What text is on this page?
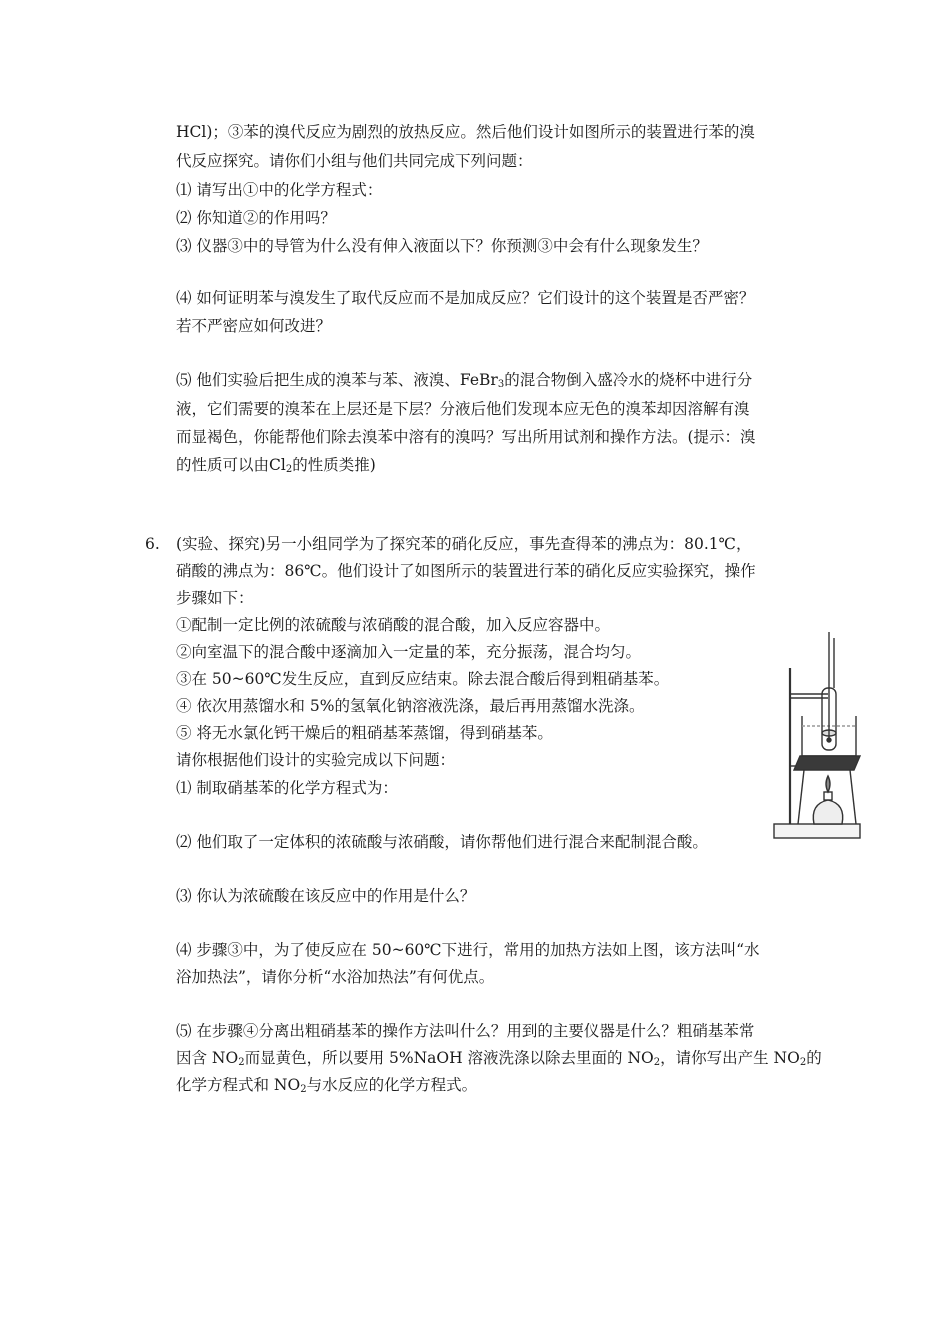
HCl)；③苯的溴代反应为剧烈的放热反应。然后他们设计如图所示的装置进行苯的溴

代反应探究。请你们小组与他们共同完成下列问题：

⑴ 请写出①中的化学方程式：

⑵ 你知道②的作用吗？

⑶ 仪器③中的导管为什么没有伸入液面以下？你预测③中会有什么现象发生？

⑷ 如何证明苯与溴发生了取代反应而不是加成反应？它们设计的这个装置是否严密？

若不严密应如何改进？

⑸ 他们实验后把生成的溴苯与苯、液溴、FeBr$_3$的混合物倒入盛冷水的烧杯中进行分

液，它们需要的溴苯在上层还是下层？分液后他们发现本应无色的溴苯却因溶解有溴

而显褐色，你能帮他们除去溴苯中溶有的溴吗？写出所用试剂和操作方法。(提示：溴

的性质可以由$Cl_2$的性质类推)

6. (实验、探究)另一小组同学为了探究苯的硝化反应，事先查得苯的沸点为：80.1℃，

硝酸的沸点为：86℃。他们设计了如图所示的装置进行苯的硝化反应实验探究，操作

步骤如下：

①配制一定比例的浓硫酸与浓硝酸的混合酸，加入反应容器中。

②向室温下的混合酸中逐滴加入一定量的苯，充分振荡，混合均匀。

③在 50~60℃发生反应，直到反应结束。除去混合酸后得到粗硝基苯。

④ 依次用蒸馏水和 5%的氢氧化钠溶液洗涤，最后再用蒸馏水洗涤。

⑤ 将无水氯化钙干燥后的粗硝基苯蒸馏，得到硝基苯。

请你根据他们设计的实验完成以下问题：

⑴ 制取硝基苯的化学方程式为：

⑵ 他们取了一定体积的浓硫酸与浓硝酸，请你帮他们进行混合来配制混合酸。

⑶ 你认为浓硫酸在该反应中的作用是什么？

⑷ 步骤③中，为了使反应在 50~60℃下进行，常用的加热方法如上图，该方法叫“水

浴加热法”，请你分析“水浴加热法”有何优点。

⑸ 在步骤④分离出粗硝基苯的操作方法叫什么？用到的主要仪器是什么？粗硝基苯常

因含 $NO_2$而显黄色，所以要用 5%NaOH 溶液洗涤以除去里面的 $NO_2$，请你写出产生 $NO_2$的

化学方程式和 $NO_2$与水反应的化学方程式。
